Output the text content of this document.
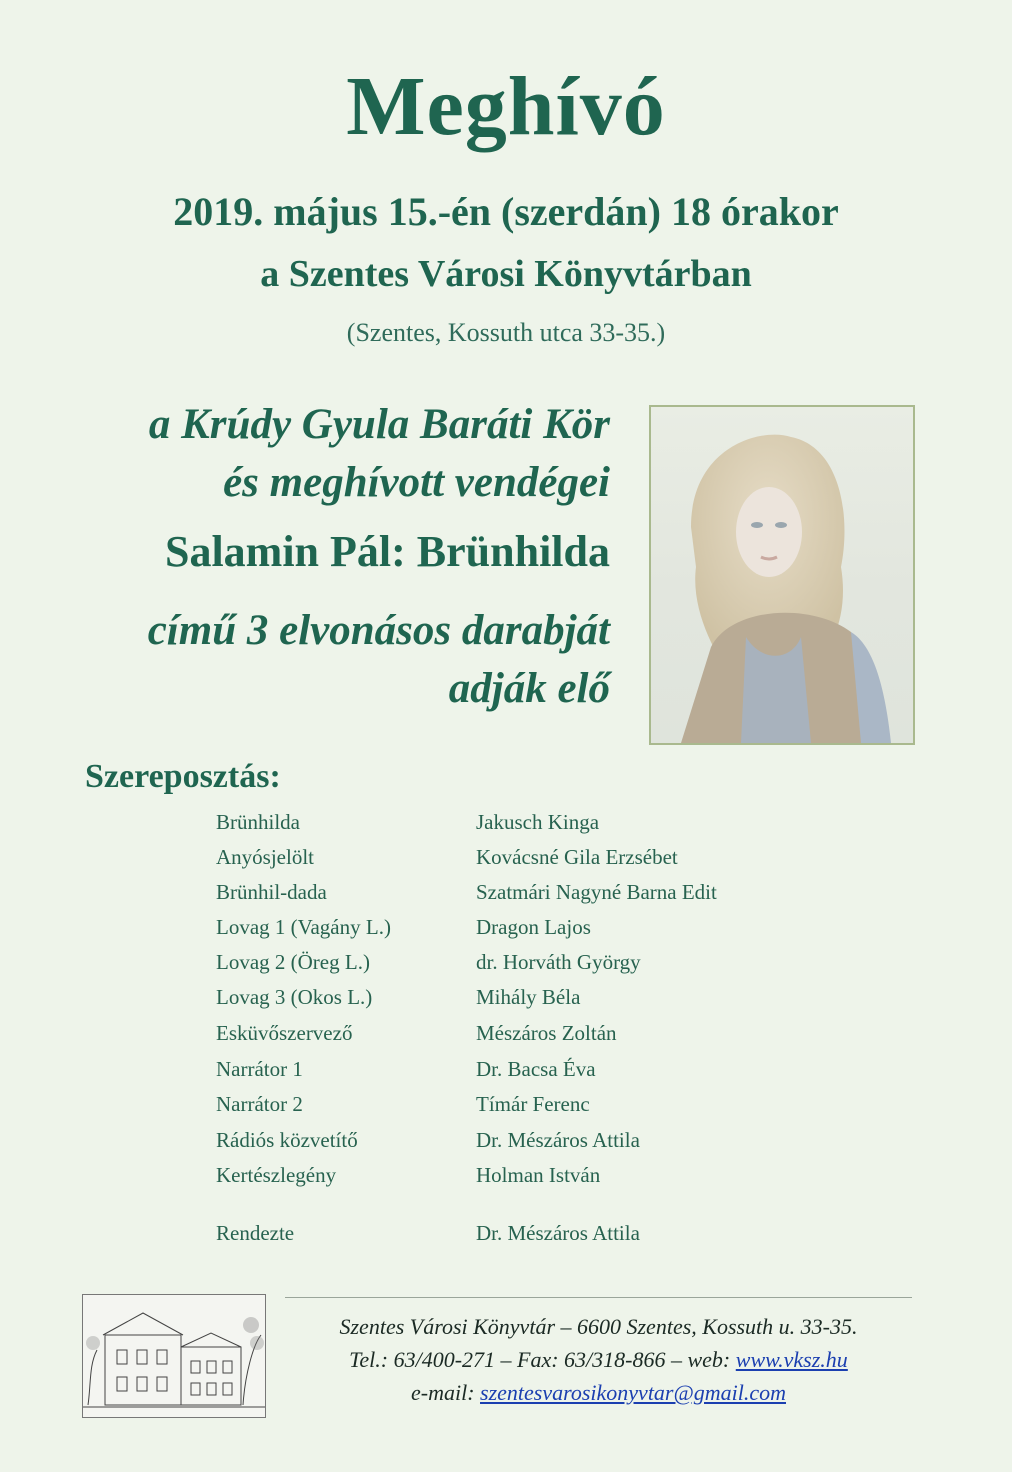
Meghívó
2019. május 15.-én (szerdán) 18 órakor
a Szentes Városi Könyvtárban
(Szentes, Kossuth utca 33-35.)
a Krúdy Gyula Baráti Kör
és meghívott vendégei
Salamin Pál: Brünhilda
című 3 elvonásos darabját
adják elő
Szereposztás:
Brünhilda	Jakusch Kinga
Anyósjelölt	Kovácsné Gila Erzsébet
Brünhil-dada	Szatmári Nagyné Barna Edit
Lovag 1 (Vagány L.)	Dragon Lajos
Lovag 2 (Öreg L.)	dr. Horváth György
Lovag 3 (Okos L.)	Mihály Béla
Esküvőszervező	Mészáros Zoltán
Narrátor 1	Dr. Bacsa Éva
Narrátor 2	Tímár Ferenc
Rádiós közvetítő	Dr. Mészáros Attila
Kertészlegény	Holman István
Rendezte	Dr. Mészáros Attila
Szentes Városi Könyvtár – 6600 Szentes, Kossuth u. 33-35.
Tel.: 63/400-271 – Fax: 63/318-866 – web: www.vksz.hu
e-mail: szentesvarosikonyvtar@gmail.com
